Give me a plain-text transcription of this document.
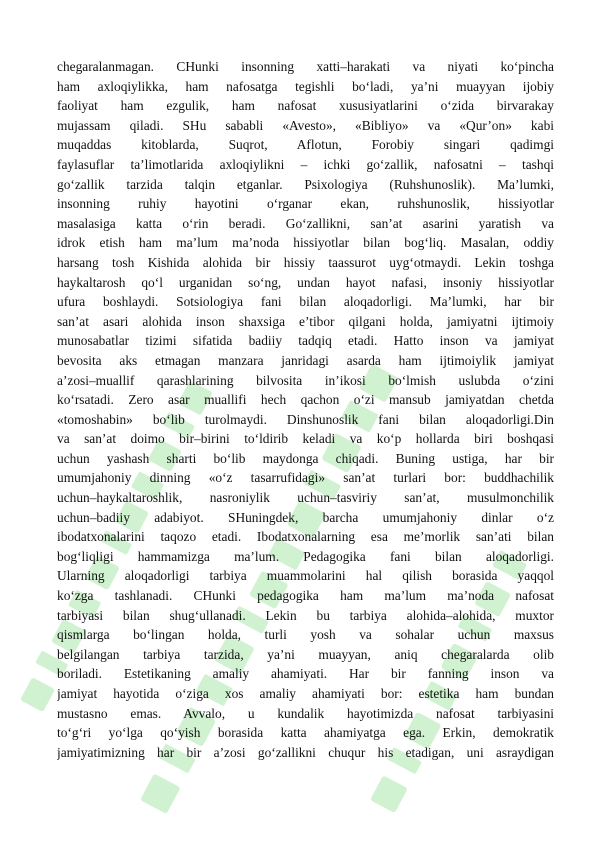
chegaralanmagan. CHunki insonning xatti–harakati va niyati ko‘pincha
ham axloqiylikka, ham nafosatga tegishli bo‘ladi, ya’ni muayyan ijobiy
faoliyat ham ezgulik, ham nafosat xususiyatlarini o‘zida birvarakay
mujassam qiladi. SHu sababli «Avesto», «Bibliyo» va «Qur’on» kabi
muqaddas kitoblarda, Suqrot, Aflotun, Forobiy singari qadimgi
faylasuflar ta’limotlarida axloqiylikni – ichki go‘zallik, nafosatni – tashqi
go‘zallik tarzida talqin etganlar. Psixologiya (Ruhshunoslik). Ma’lumki,
insonning ruhiy hayotini o‘rganar ekan, ruhshunoslik, hissiyotlar
masalasiga katta o‘rin beradi. Go‘zallikni, san’at asarini yaratish va
idrok etish ham ma’lum ma’noda hissiyotlar bilan bog‘liq. Masalan, oddiy
harsang tosh Kishida alohida bir hissiy taassurot uyg‘otmaydi. Lekin toshga
haykaltarosh qo‘l urganidan so‘ng, undan hayot nafasi, insoniy hissiyotlar
ufura boshlaydi. Sotsiologiya fani bilan aloqadorligi. Ma’lumki, har bir
san’at asari alohida inson shaxsiga e’tibor qilgani holda, jamiyatni ijtimoiy
munosabatlar tizimi sifatida badiiy tadqiq etadi. Hatto inson va jamiyat
bevosita aks etmagan manzara janridagi asarda ham ijtimoiylik jamiyat
a’zosi–muallif qarashlarining bilvosita in’ikosi bo‘lmish uslubda o‘zini
ko‘rsatadi. Zero asar muallifi hech qachon o‘zi mansub jamiyatdan chetda
«tomoshabin» bo‘lib turolmaydi. Dinshunoslik fani bilan aloqadorligi.Din
va san’at doimo bir–birini to‘ldirib keladi va ko‘p hollarda biri boshqasi
uchun yashash sharti bo‘lib maydonga chiqadi. Buning ustiga, har bir
umumjahoniy dinning «o‘z tasarrufidagi» san’at turlari bor: buddhachilik
uchun–haykaltaroshlik, nasroniylik uchun–tasviriy san’at, musulmonchilik
uchun–badiiy adabiyot. SHuningdek, barcha umumjahoniy dinlar o‘z
ibodatxonalarini taqozo etadi. Ibodatxonalarning esa me’morlik san’ati bilan
bog‘liqligi hammamizga ma’lum. Pedagogika fani bilan aloqadorligi.
Ularning aloqadorligi tarbiya muammolarini hal qilish borasida yaqqol
ko‘zga tashlanadi. CHunki pedagogika ham ma’lum ma’noda nafosat
tarbiyasi bilan shug‘ullanadi. Lekin bu tarbiya alohida–alohida, muxtor
qismlarga bo‘lingan holda, turli yosh va sohalar uchun maxsus
belgilangan tarbiya tarzida, ya’ni muayyan, aniq chegaralarda olib
boriladi. Estetikaning amaliy ahamiyati. Har bir fanning inson va
jamiyat hayotida o‘ziga xos amaliy ahamiyati bor: estetika ham bundan
mustasno emas. Avvalo, u kundalik hayotimizda nafosat tarbiyasini
to‘g‘ri yo‘lga qo‘yish borasida katta ahamiyatga ega. Erkin, demokratik
jamiyatimizning har bir a’zosi go‘zallikni chuqur his etadigan, uni asraydigan
